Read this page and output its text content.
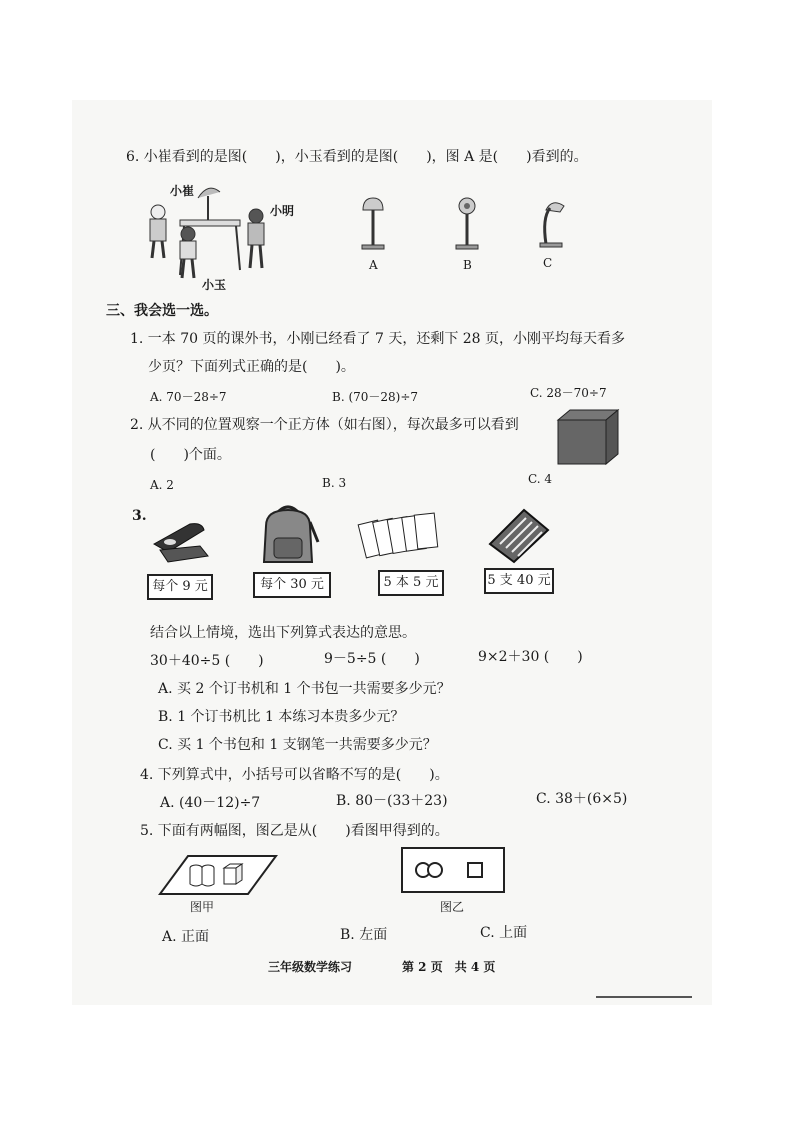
6. 小崔看到的是图(　　)，小玉看到的是图(　　)，图 A 是(　　)看到的。
小崔
小明
小玉
A	B	C
三、我会选一选。
1. 一本 70 页的课外书，小刚已经看了 7 天，还剩下 28 页，小刚平均每天看多
少页？下面列式正确的是(　　)。
A. 70－28÷7	B. (70－28)÷7	C. 28－70÷7
2. 从不同的位置观察一个正方体（如右图），每次最多可以看到
(　　)个面。
A. 2	B. 3	C. 4
3.
每个 9 元	每个 30 元	5 本 5 元	5 支 40 元
结合以上情境，选出下列算式表达的意思。
30＋40÷5 (　　)	9－5÷5 (　　)	9×2＋30 (　　)
A. 买 2 个订书机和 1 个书包一共需要多少元？
B. 1 个订书机比 1 本练习本贵多少元？
C. 买 1 个书包和 1 支钢笔一共需要多少元？
4. 下列算式中，小括号可以省略不写的是(　　)。
A. (40－12)÷7	B. 80－(33＋23)	C. 38＋(6×5)
5. 下面有两幅图，图乙是从(　　)看图甲得到的。
图甲	图乙
A. 正面	B. 左面	C. 上面
三年级数学练习	第 2 页　共 4 页
